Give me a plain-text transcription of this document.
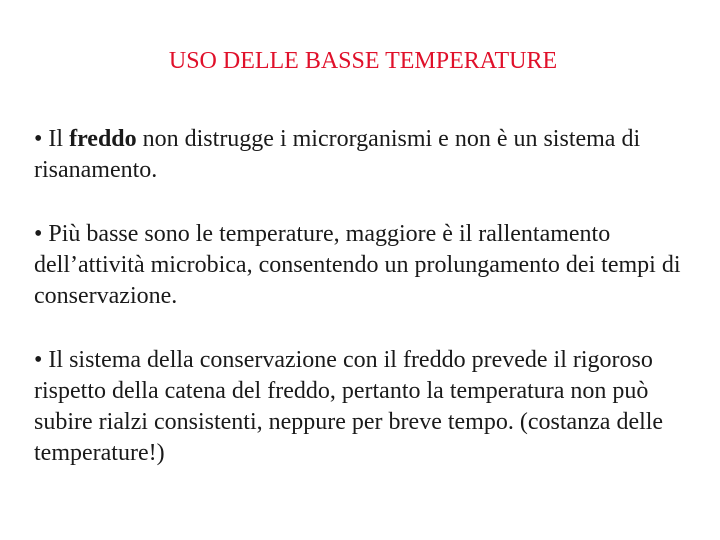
USO DELLE BASSE TEMPERATURE

• Il freddo non distrugge i microrganismi e non è un sistema di risanamento.

• Più basse sono le temperature, maggiore è il rallentamento dell’attività microbica, consentendo un prolungamento dei tempi di conservazione.

• Il sistema della conservazione con il freddo prevede il rigoroso rispetto della catena del freddo, pertanto la temperatura non può subire rialzi consistenti, neppure per breve tempo. (costanza delle temperature!)
